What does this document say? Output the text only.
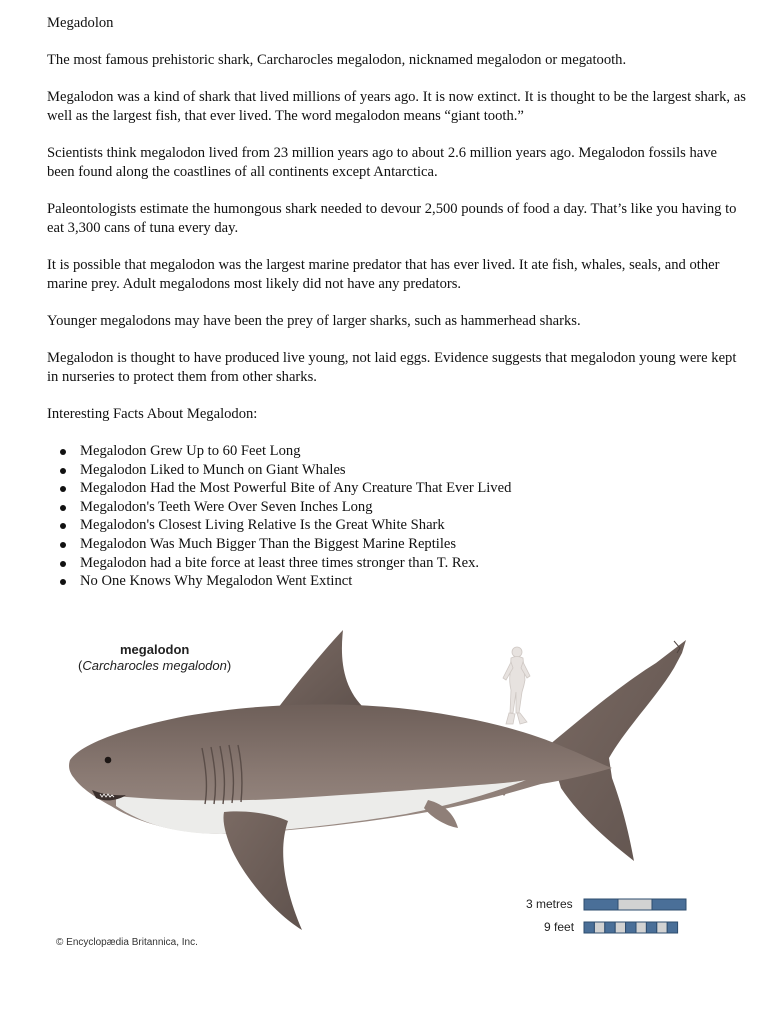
Megadolon

The most famous prehistoric shark, Carcharocles megalodon, nicknamed megalodon or megatooth.

Megalodon was a kind of shark that lived millions of years ago. It is now extinct. It is thought to be the largest shark, as well as the largest fish, that ever lived. The word megalodon means “giant tooth.”

Scientists think megalodon lived from 23 million years ago to about 2.6 million years ago. Megalodon fossils have been found along the coastlines of all continents except Antarctica.

Paleontologists estimate the humongous shark needed to devour 2,500 pounds of food a day. That’s like you having to eat 3,300 cans of tuna every day.

It is possible that megalodon was the largest marine predator that has ever lived. It ate fish, whales, seals, and other marine prey. Adult megalodons most likely did not have any predators.

Younger megalodons may have been the prey of larger sharks, such as hammerhead sharks.

Megalodon is thought to have produced live young, not laid eggs. Evidence suggests that megalodon young were kept in nurseries to protect them from other sharks.

Interesting Facts About Megalodon:

Megalodon Grew Up to 60 Feet Long
Megalodon Liked to Munch on Giant Whales
Megalodon Had the Most Powerful Bite of Any Creature That Ever Lived
Megalodon's Teeth Were Over Seven Inches Long
Megalodon's Closest Living Relative Is the Great White Shark
Megalodon Was Much Bigger Than the Biggest Marine Reptiles
Megalodon had a bite force at least three times stronger than T. Rex.
No One Knows Why Megalodon Went Extinct
megalodon
(Carcharocles megalodon)
3 metres
9 feet
© Encyclopædia Britannica, Inc.
